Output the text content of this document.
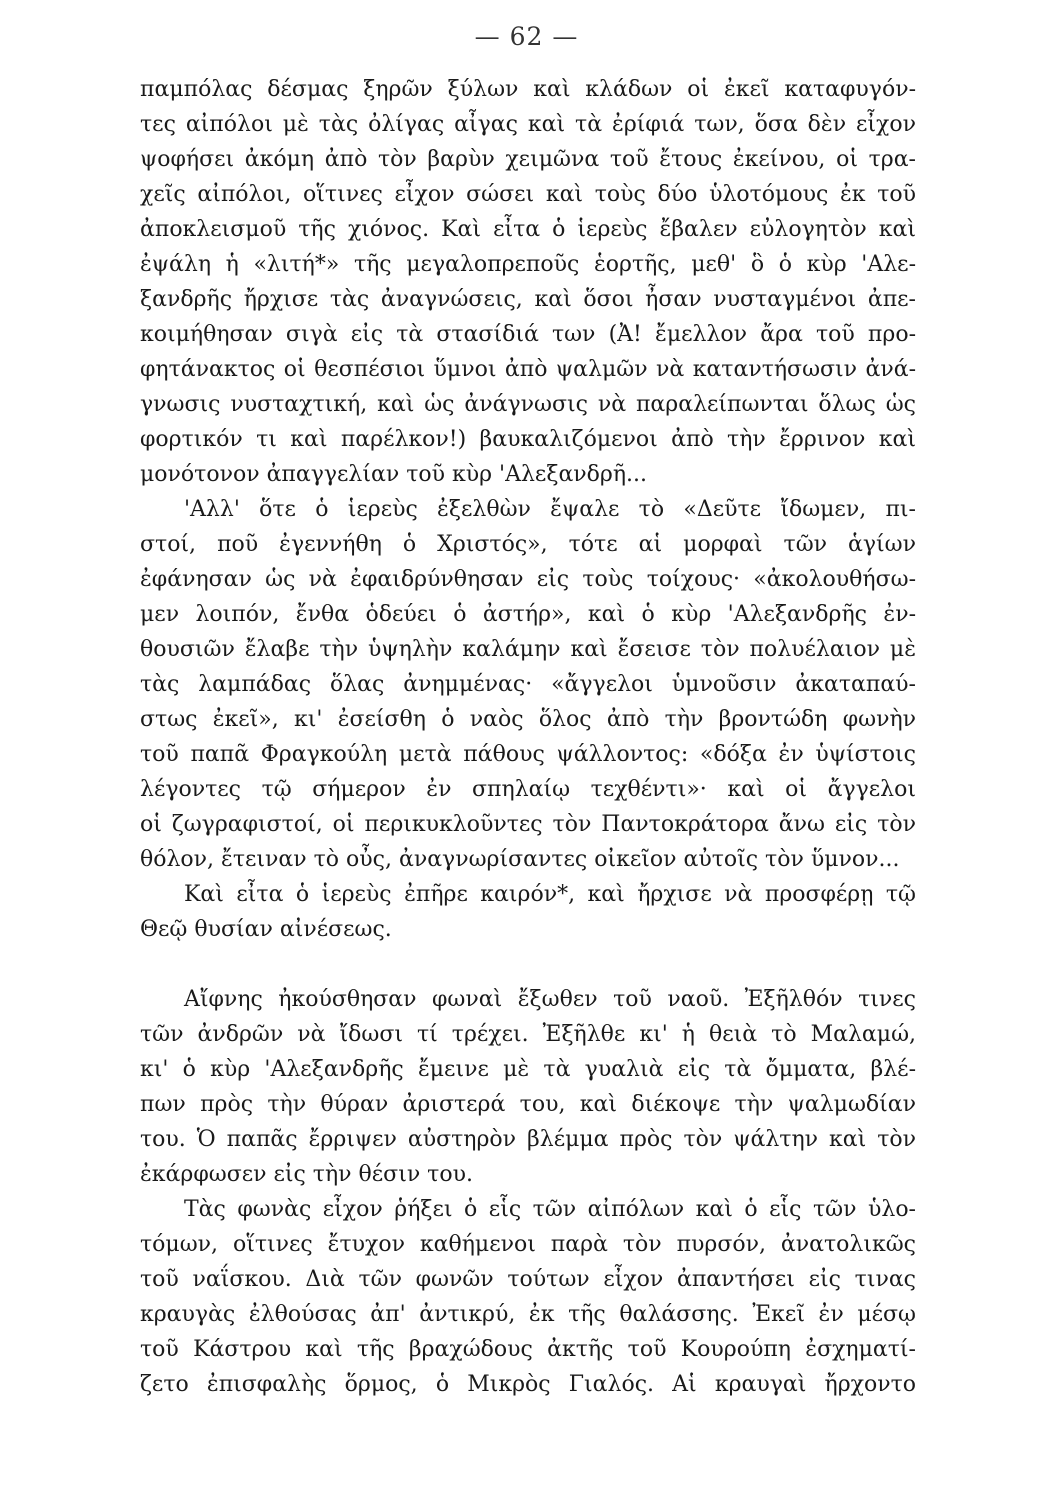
— 62 —
παμπόλας δέσμας ξηρῶν ξύλων καὶ κλάδων οἱ ἐκεῖ καταφυγόν-
τες αἰπόλοι μὲ τὰς ὀλίγας αἶγας καὶ τὰ ἐρίφιά των, ὅσα δὲν εἶχον
ψοφήσει ἀκόμη ἀπὸ τὸν βαρὺν χειμῶνα τοῦ ἔτους ἐκείνου, οἱ τρα-
χεῖς αἰπόλοι, οἵτινες εἶχον σώσει καὶ τοὺς δύο ὑλοτόμους ἐκ τοῦ
ἀποκλεισμοῦ τῆς χιόνος. Καὶ εἶτα ὁ ἱερεὺς ἔβαλεν εὐλογητὸν καὶ
ἐψάλη ἡ «λιτή*» τῆς μεγαλοπρεποῦς ἑορτῆς, μεθ' ὃ ὁ κὺρ 'Αλε-
ξανδρῆς ἤρχισε τὰς ἀναγνώσεις, καὶ ὅσοι ἦσαν νυσταγμένοι ἀπε-
κοιμήθησαν σιγὰ εἰς τὰ στασίδιά των (Ἀ! ἔμελλον ἄρα τοῦ προ-
φητάνακτος οἱ θεσπέσιοι ὕμνοι ἀπὸ ψαλμῶν νὰ καταντήσωσιν ἀνά-
γνωσις νυσταχτική, καὶ ὡς ἀνάγνωσις νὰ παραλείπωνται ὅλως ὡς
φορτικόν τι καὶ παρέλκον!) βαυκαλιζόμενοι ἀπὸ τὴν ἔρρινον καὶ
μονότονον ἀπαγγελίαν τοῦ κὺρ 'Αλεξανδρῆ...
'Αλλ' ὅτε ὁ ἱερεὺς ἐξελθὼν ἔψαλε τὸ «Δεῦτε ἴδωμεν, πι-
στοί, ποῦ ἐγεννήθη ὁ Χριστός», τότε αἱ μορφαὶ τῶν ἁγίων
ἐφάνησαν ὡς νὰ ἐφαιδρύνθησαν εἰς τοὺς τοίχους· «ἀκολουθήσω-
μεν λοιπόν, ἔνθα ὁδεύει ὁ ἀστήρ», καὶ ὁ κὺρ 'Αλεξανδρῆς ἐν-
θουσιῶν ἔλαβε τὴν ὑψηλὴν καλάμην καὶ ἔσεισε τὸν πολυέλαιον μὲ
τὰς λαμπάδας ὅλας ἀνημμένας· «ἄγγελοι ὑμνοῦσιν ἀκαταπαύ-
στως ἐκεῖ», κι' ἐσείσθη ὁ ναὸς ὅλος ἀπὸ τὴν βροντώδη φωνὴν
τοῦ παπᾶ Φραγκούλη μετὰ πάθους ψάλλοντος: «δόξα ἐν ὑψίστοις
λέγοντες τῷ σήμερον ἐν σπηλαίῳ τεχθέντι»· καὶ οἱ ἄγγελοι
οἱ ζωγραφιστοί, οἱ περικυκλοῦντες τὸν Παντοκράτορα ἄνω εἰς τὸν
θόλον, ἔτειναν τὸ οὖς, ἀναγνωρίσαντες οἰκεῖον αὐτοῖς τὸν ὕμνον...
Καὶ εἶτα ὁ ἱερεὺς ἐπῆρε καιρόν*, καὶ ἤρχισε νὰ προσφέρῃ τῷ
Θεῷ θυσίαν αἰνέσεως.
Αἴφνης ἠκούσθησαν φωναὶ ἔξωθεν τοῦ ναοῦ. Ἐξῆλθόν τινες
τῶν ἀνδρῶν νὰ ἴδωσι τί τρέχει. Ἐξῆλθε κι' ἡ θειὰ τὸ Μαλαμώ,
κι' ὁ κὺρ 'Αλεξανδρῆς ἔμεινε μὲ τὰ γυαλιὰ εἰς τὰ ὄμματα, βλέ-
πων πρὸς τὴν θύραν ἀριστερά του, καὶ διέκοψε τὴν ψαλμωδίαν
του. Ὁ παπᾶς ἔρριψεν αὐστηρὸν βλέμμα πρὸς τὸν ψάλτην καὶ τὸν
ἐκάρφωσεν εἰς τὴν θέσιν του.
Τὰς φωνὰς εἶχον ῥήξει ὁ εἷς τῶν αἰπόλων καὶ ὁ εἷς τῶν ὑλο-
τόμων, οἵτινες ἔτυχον καθήμενοι παρὰ τὸν πυρσόν, ἀνατολικῶς
τοῦ ναΐσκου. Διὰ τῶν φωνῶν τούτων εἶχον ἀπαντήσει εἰς τινας
κραυγὰς ἐλθούσας ἀπ' ἀντικρύ, ἐκ τῆς θαλάσσης. Ἐκεῖ ἐν μέσῳ
τοῦ Κάστρου καὶ τῆς βραχώδους ἀκτῆς τοῦ Κουρούπη ἐσχηματί-
ζετο ἐπισφαλὴς ὅρμος, ὁ Μικρὸς Γιαλός. Αἱ κραυγαὶ ἤρχοντο
